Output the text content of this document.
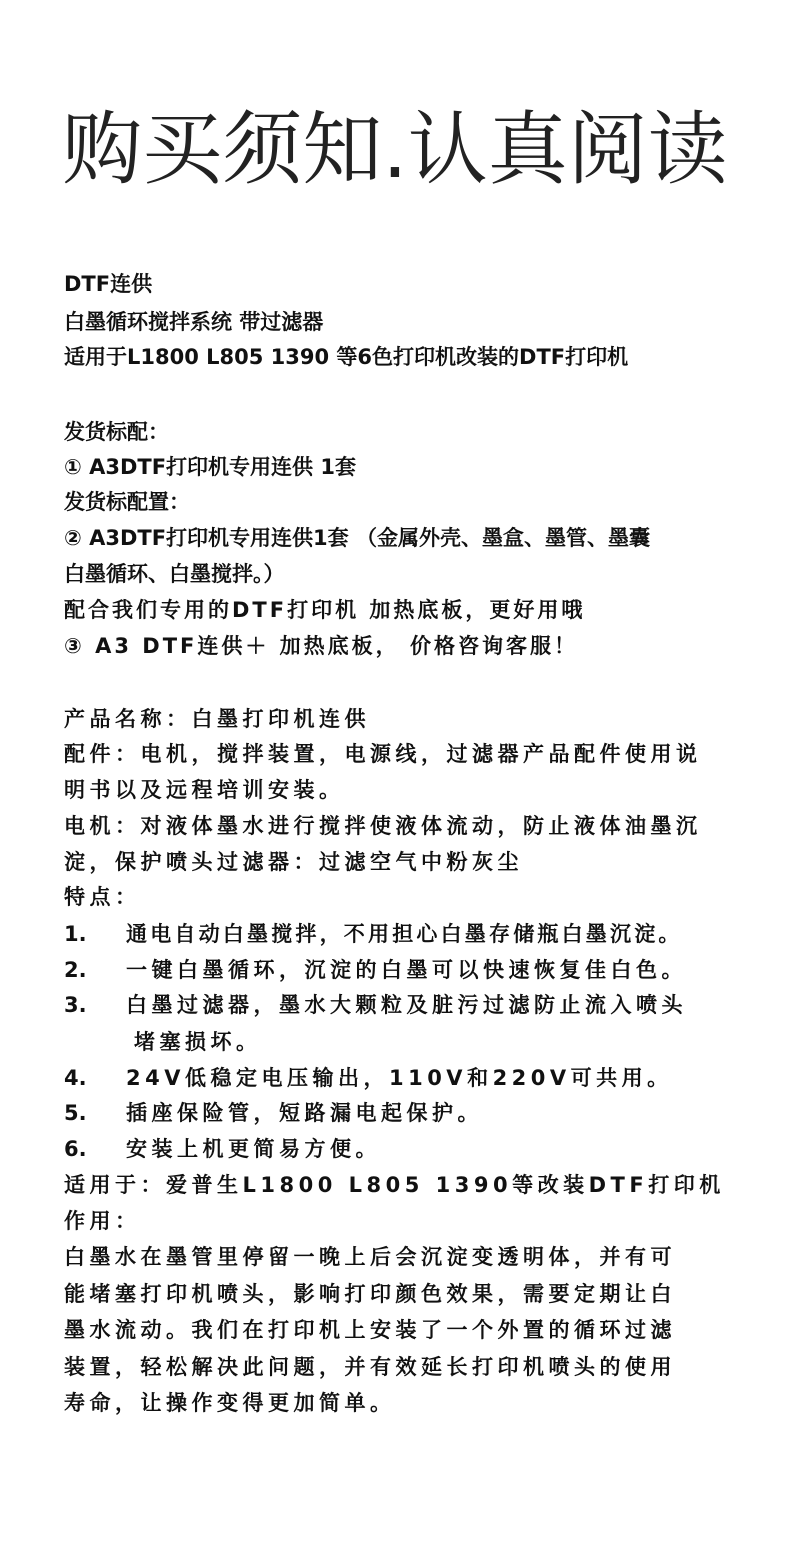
购买须知.认真阅读

DTF连供

白墨循环搅拌系统 带过滤器

适用于L1800 L805 1390 等6色打印机改装的DTF打印机

发货标配：

① A3DTF打印机专用连供 1套

发货标配置：

② A3DTF打印机专用连供1套 （金属外壳、墨盒、墨管、墨囊

白墨循环、白墨搅拌。）

配合我们专用的DTF打印机 加热底板，更好用哦

③ A3 DTF连供＋ 加热底板， 价格咨询客服！

产品名称：白墨打印机连供

配件：电机，搅拌装置，电源线，过滤器产品配件使用说

明书以及远程培训安装。

电机：对液体墨水进行搅拌使液体流动，防止液体油墨沉

淀，保护喷头过滤器：过滤空气中粉灰尘

特点：

1. 通电自动白墨搅拌，不用担心白墨存储瓶白墨沉淀。
2. 一键白墨循环，沉淀的白墨可以快速恢复佳白色。
3. 白墨过滤器，墨水大颗粒及脏污过滤防止流入喷头
堵塞损坏。
4. 24V低稳定电压输出，110V和220V可共用。
5. 插座保险管，短路漏电起保护。
6. 安装上机更简易方便。

适用于：爱普生L1800 L805 1390等改装DTF打印机

作用：

白墨水在墨管里停留一晚上后会沉淀变透明体，并有可

能堵塞打印机喷头，影响打印颜色效果，需要定期让白

墨水流动。我们在打印机上安装了一个外置的循环过滤

装置，轻松解决此问题，并有效延长打印机喷头的使用

寿命，让操作变得更加简单。
